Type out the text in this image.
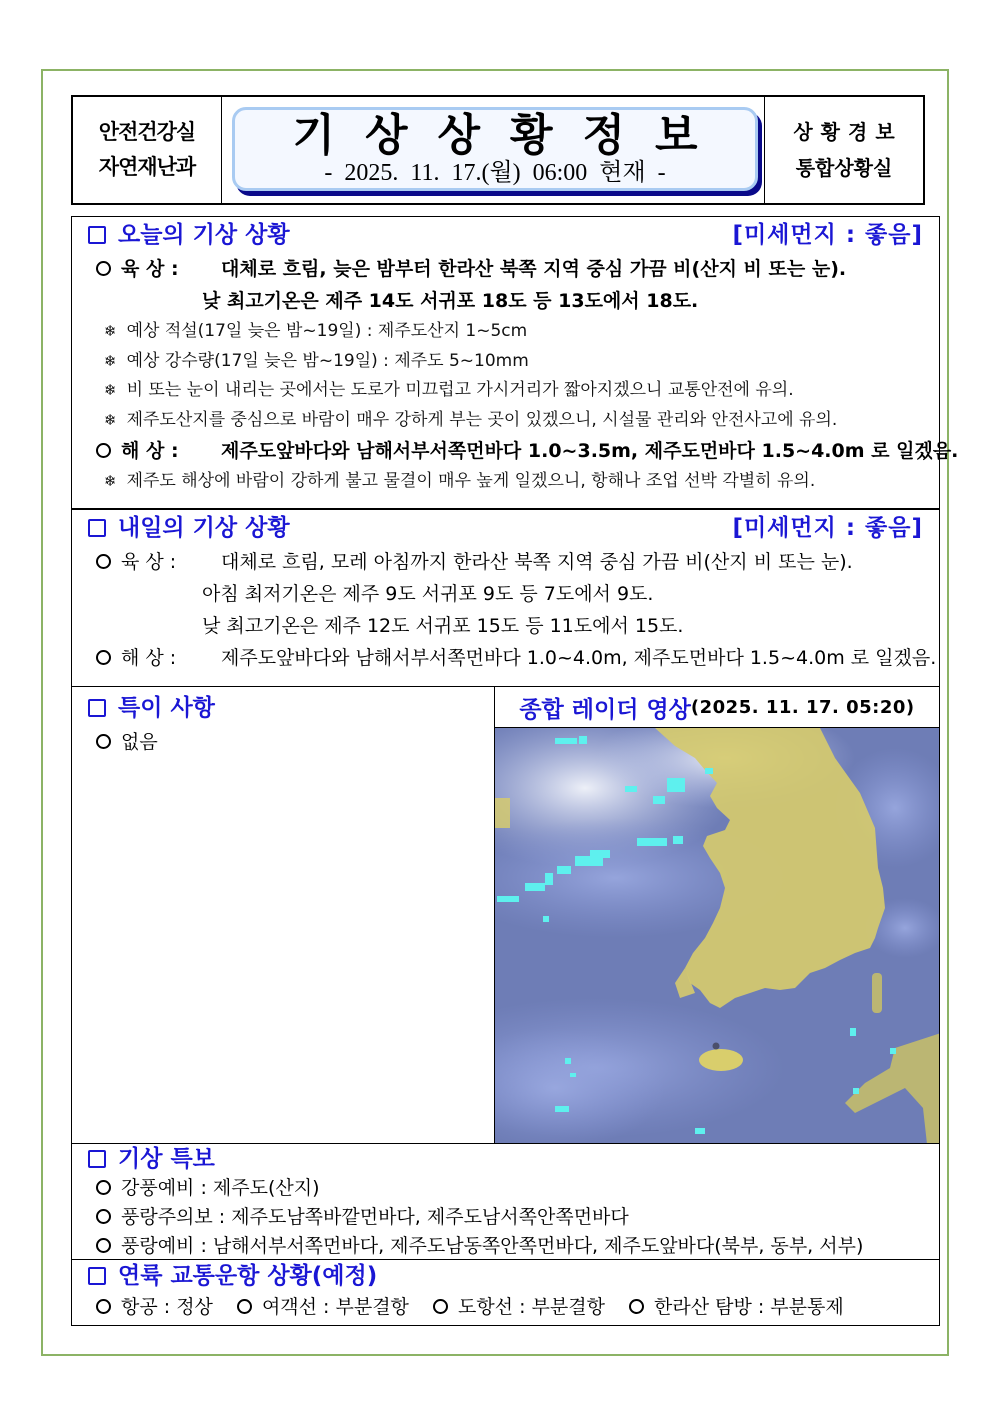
안전건강실
자연재난과
기상상황정보
- 2025. 11. 17.(월) 06:00 현재 -
상황경보
통합상황실
오늘의 기상 상황	[미세먼지 : 좋음]
육 상 : 대체로 흐림, 늦은 밤부터 한라산 북쪽 지역 중심 가끔 비(산지 비 또는 눈).
낮 최고기온은 제주 14도 서귀포 18도 등 13도에서 18도.
❄ 예상 적설(17일 늦은 밤~19일) : 제주도산지 1~5cm
❄ 예상 강수량(17일 늦은 밤~19일) : 제주도 5~10mm
❄ 비 또는 눈이 내리는 곳에서는 도로가 미끄럽고 가시거리가 짧아지겠으니 교통안전에 유의.
❄ 제주도산지를 중심으로 바람이 매우 강하게 부는 곳이 있겠으니, 시설물 관리와 안전사고에 유의.
해 상 : 제주도앞바다와 남해서부서쪽먼바다 1.0~3.5m, 제주도먼바다 1.5~4.0m 로 일겠음.
❄ 제주도 해상에 바람이 강하게 불고 물결이 매우 높게 일겠으니, 항해나 조업 선박 각별히 유의.
내일의 기상 상황	[미세먼지 : 좋음]
육 상 : 대체로 흐림, 모레 아침까지 한라산 북쪽 지역 중심 가끔 비(산지 비 또는 눈).
아침 최저기온은 제주 9도 서귀포 9도 등 7도에서 9도.
낮 최고기온은 제주 12도 서귀포 15도 등 11도에서 15도.
해 상 : 제주도앞바다와 남해서부서쪽먼바다 1.0~4.0m, 제주도먼바다 1.5~4.0m 로 일겠음.
특이 사항
없음
종합 레이더 영상 (2025. 11. 17. 05:20)
기상 특보
강풍예비 : 제주도(산지)
풍랑주의보 : 제주도남쪽바깥먼바다, 제주도남서쪽안쪽먼바다
풍랑예비 : 남해서부서쪽먼바다, 제주도남동쪽안쪽먼바다, 제주도앞바다(북부, 동부, 서부)
연륙 교통운항 상황(예정)
항공 : 정상	여객선 : 부분결항	도항선 : 부분결항	한라산 탐방 : 부분통제
